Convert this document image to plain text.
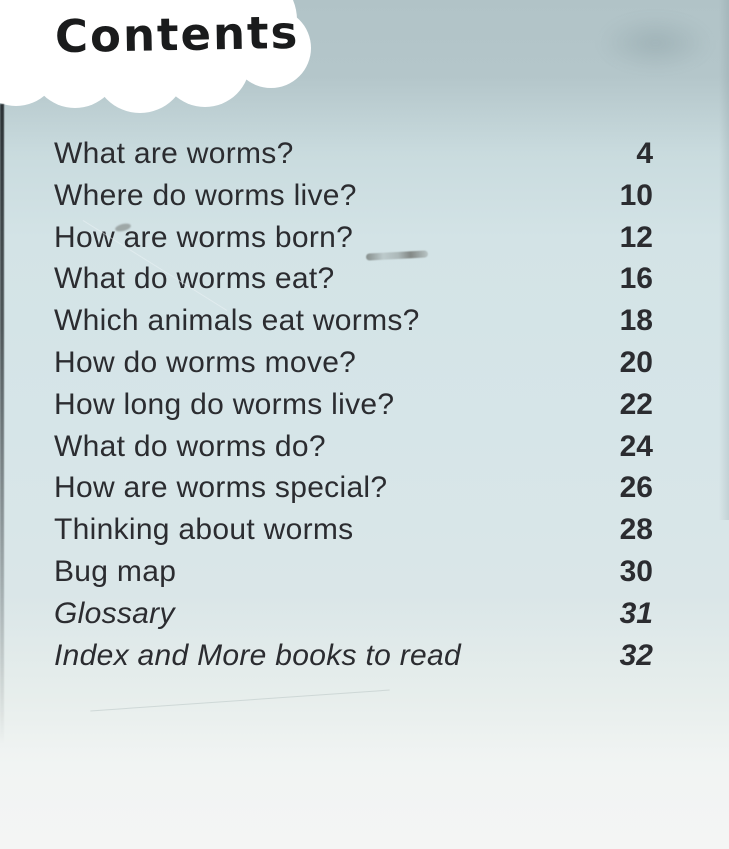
Contents
What are worms?	4
Where do worms live?	10
How are worms born?	12
What do worms eat?	16
Which animals eat worms?	18
How do worms move?	20
How long do worms live?	22
What do worms do?	24
How are worms special?	26
Thinking about worms	28
Bug map	30
Glossary	31
Index and More books to read	32
